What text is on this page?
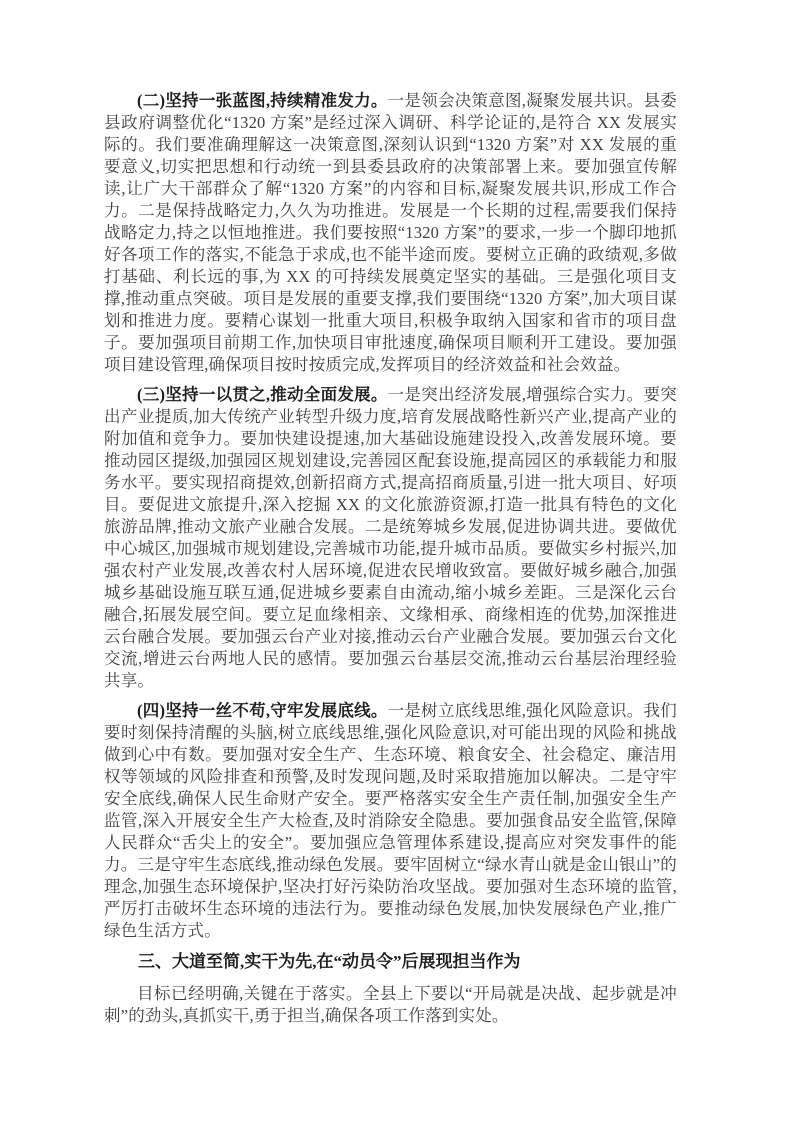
(二)坚持一张蓝图,持续精准发力。一是领会决策意图,凝聚发展共识。县委县政府调整优化“1320 方案”是经过深入调研、科学论证的,是符合 XX 发展实际的。我们要准确理解这一决策意图,深刻认识到“1320 方案”对 XX 发展的重要意义,切实把思想和行动统一到县委县政府的决策部署上来。要加强宣传解读,让广大干部群众了解“1320 方案”的内容和目标,凝聚发展共识,形成工作合力。二是保持战略定力,久久为功推进。发展是一个长期的过程,需要我们保持战略定力,持之以恒地推进。我们要按照“1320 方案”的要求,一步一个脚印地抓好各项工作的落实,不能急于求成,也不能半途而废。要树立正确的政绩观,多做打基础、利长远的事,为 XX 的可持续发展奠定坚实的基础。三是强化项目支撑,推动重点突破。项目是发展的重要支撑,我们要围绕“1320 方案”,加大项目谋划和推进力度。要精心谋划一批重大项目,积极争取纳入国家和省市的项目盘子。要加强项目前期工作,加快项目审批速度,确保项目顺利开工建设。要加强项目建设管理,确保项目按时按质完成,发挥项目的经济效益和社会效益。

(三)坚持一以贯之,推动全面发展。一是突出经济发展,增强综合实力。要突出产业提质,加大传统产业转型升级力度,培育发展战略性新兴产业,提高产业的附加值和竞争力。要加快建设提速,加大基础设施建设投入,改善发展环境。要推动园区提级,加强园区规划建设,完善园区配套设施,提高园区的承载能力和服务水平。要实现招商提效,创新招商方式,提高招商质量,引进一批大项目、好项目。要促进文旅提升,深入挖掘 XX 的文化旅游资源,打造一批具有特色的文化旅游品牌,推动文旅产业融合发展。二是统筹城乡发展,促进协调共进。要做优中心城区,加强城市规划建设,完善城市功能,提升城市品质。要做实乡村振兴,加强农村产业发展,改善农村人居环境,促进农民增收致富。要做好城乡融合,加强城乡基础设施互联互通,促进城乡要素自由流动,缩小城乡差距。三是深化云台融合,拓展发展空间。要立足血缘相亲、文缘相承、商缘相连的优势,加深推进云台融合发展。要加强云台产业对接,推动云台产业融合发展。要加强云台文化交流,增进云台两地人民的感情。要加强云台基层交流,推动云台基层治理经验共享。

(四)坚持一丝不苟,守牢发展底线。一是树立底线思维,强化风险意识。我们要时刻保持清醒的头脑,树立底线思维,强化风险意识,对可能出现的风险和挑战做到心中有数。要加强对安全生产、生态环境、粮食安全、社会稳定、廉洁用权等领域的风险排查和预警,及时发现问题,及时采取措施加以解决。二是守牢安全底线,确保人民生命财产安全。要严格落实安全生产责任制,加强安全生产监管,深入开展安全生产大检查,及时消除安全隐患。要加强食品安全监管,保障人民群众“舌尖上的安全”。要加强应急管理体系建设,提高应对突发事件的能力。三是守牢生态底线,推动绿色发展。要牢固树立“绿水青山就是金山银山”的理念,加强生态环境保护,坚决打好污染防治攻坚战。要加强对生态环境的监管,严厉打击破坏生态环境的违法行为。要推动绿色发展,加快发展绿色产业,推广绿色生活方式。

三、大道至简,实干为先,在“动员令”后展现担当作为

目标已经明确,关键在于落实。全县上下要以“开局就是决战、起步就是冲刺”的劲头,真抓实干,勇于担当,确保各项工作落到实处。
